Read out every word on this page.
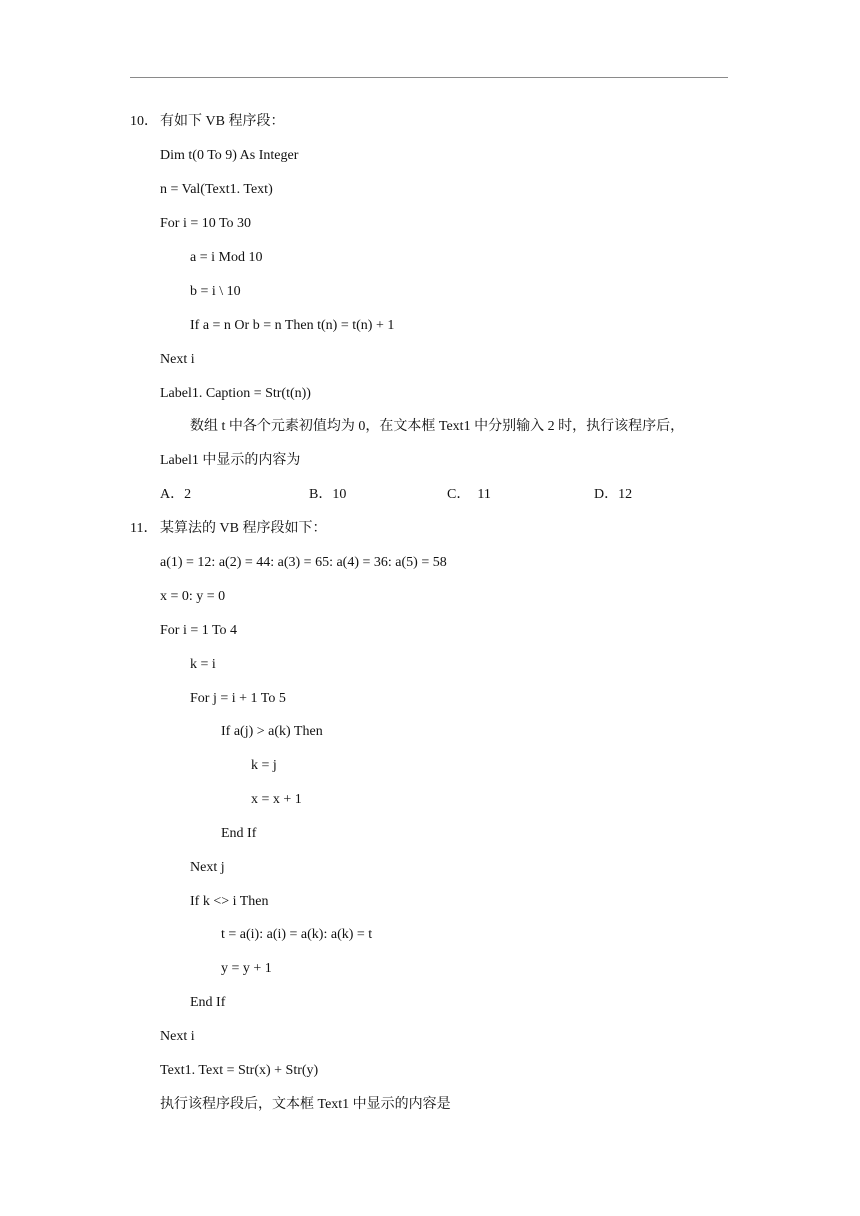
10． 有如下 VB 程序段：
Dim t(0 To 9) As Integer
n = Val(Text1. Text)
For i = 10 To 30
a = i Mod 10
b = i \ 10
If a = n Or b = n Then t(n) = t(n) + 1
Next i
Label1. Caption = Str(t(n))
数组 t 中各个元素初值均为 0，在文本框 Text1 中分别输入 2 时，执行该程序后，
Label1 中显示的内容为
A．2	B．10	C．  11	D．12
11． 某算法的 VB 程序段如下：
a(1) = 12: a(2) = 44: a(3) = 65: a(4) = 36: a(5) = 58
x = 0: y = 0
For i = 1 To 4
k = i
For j = i + 1 To 5
If a(j) > a(k) Then
k = j
x = x + 1
End If
Next j
If k <> i Then
t = a(i): a(i) = a(k): a(k) = t
y = y + 1
End If
Next i
Text1. Text = Str(x) + Str(y)
执行该程序段后，文本框 Text1 中显示的内容是
